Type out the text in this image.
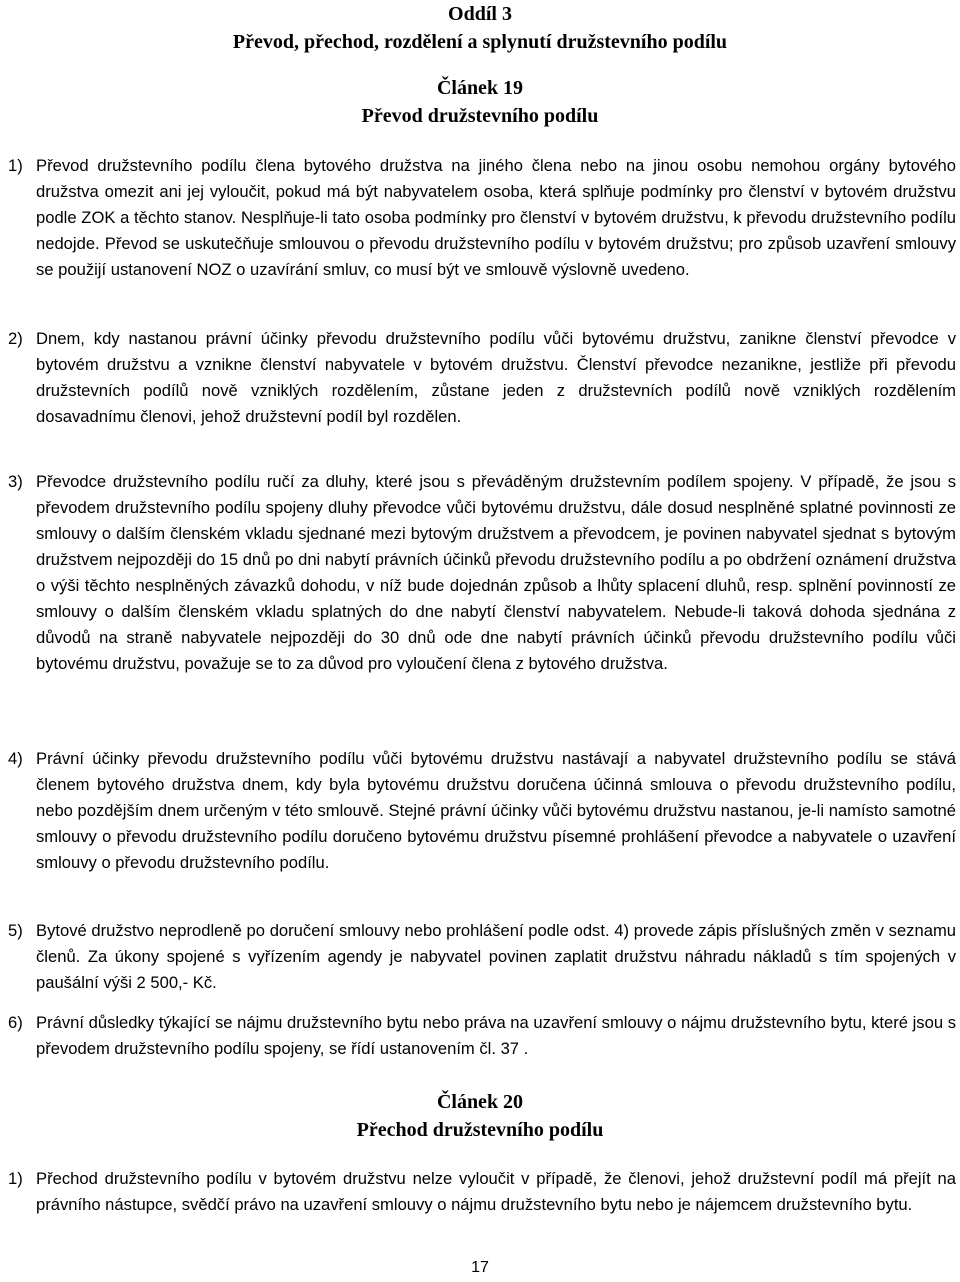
Oddíl 3

Převod, přechod, rozdělení a splynutí družstevního podílu

Článek 19

Převod družstevního podílu

1) Převod družstevního podílu člena bytového družstva na jiného člena nebo na jinou osobu nemohou orgány bytového družstva omezit ani jej vyloučit, pokud má být nabyvatelem osoba, která splňuje podmínky pro členství v bytovém družstvu podle ZOK a těchto stanov. Nesplňuje-li tato osoba podmínky pro členství v bytovém družstvu, k převodu družstevního podílu nedojde. Převod se uskutečňuje smlouvou o převodu družstevního podílu v bytovém družstvu; pro způsob uzavření smlouvy se použijí ustanovení NOZ o uzavírání smluv, co musí být ve smlouvě výslovně uvedeno.
2) Dnem, kdy nastanou právní účinky převodu družstevního podílu vůči bytovému družstvu, zanikne členství převodce v bytovém družstvu a vznikne členství nabyvatele v bytovém družstvu. Členství převodce nezanikne, jestliže při převodu družstevních podílů nově vzniklých rozdělením, zůstane jeden z družstevních podílů nově vzniklých rozdělením dosavadnímu členovi, jehož družstevní podíl byl rozdělen.
3) Převodce družstevního podílu ručí za dluhy, které jsou s převáděným družstevním podílem spojeny. V případě, že jsou s převodem družstevního podílu spojeny dluhy převodce vůči bytovému družstvu, dále dosud nesplněné splatné povinnosti ze smlouvy o dalším členském vkladu sjednané mezi bytovým družstvem a převodcem, je povinen nabyvatel sjednat s bytovým družstvem nejpozději do 15 dnů po dni nabytí právních účinků převodu družstevního podílu a po obdržení oznámení družstva o výši těchto nesplněných závazků dohodu, v níž bude dojednán způsob a lhůty splacení dluhů, resp. splnění povinností ze smlouvy o dalším členském vkladu splatných do dne nabytí členství nabyvatelem. Nebude-li taková dohoda sjednána z důvodů na straně nabyvatele nejpozději do 30 dnů ode dne nabytí právních účinků převodu družstevního podílu vůči bytovému družstvu, považuje se to za důvod pro vyloučení člena z bytového družstva.
4) Právní účinky převodu družstevního podílu vůči bytovému družstvu nastávají a nabyvatel družstevního podílu se stává členem bytového družstva dnem, kdy byla bytovému družstvu doručena účinná smlouva o převodu družstevního podílu, nebo pozdějším dnem určeným v této smlouvě. Stejné právní účinky vůči bytovému družstvu nastanou, je-li namísto samotné smlouvy o převodu družstevního podílu doručeno bytovému družstvu písemné prohlášení převodce a nabyvatele o uzavření smlouvy o převodu družstevního podílu.
5) Bytové družstvo neprodleně po doručení smlouvy nebo prohlášení podle odst. 4) provede zápis příslušných změn v seznamu členů. Za úkony spojené s vyřízením agendy je nabyvatel povinen zaplatit družstvu náhradu nákladů s tím spojených v paušální výši 2 500,- Kč.
6) Právní důsledky týkající se nájmu družstevního bytu nebo práva na uzavření smlouvy o nájmu družstevního bytu, které jsou s převodem družstevního podílu spojeny, se řídí ustanovením čl. 37 .

Článek 20

Přechod družstevního podílu

1) Přechod družstevního podílu v bytovém družstvu nelze vyloučit v případě, že členovi, jehož družstevní podíl má přejít na právního nástupce, svědčí právo na uzavření smlouvy o nájmu družstevního bytu nebo je nájemcem družstevního bytu.
17
